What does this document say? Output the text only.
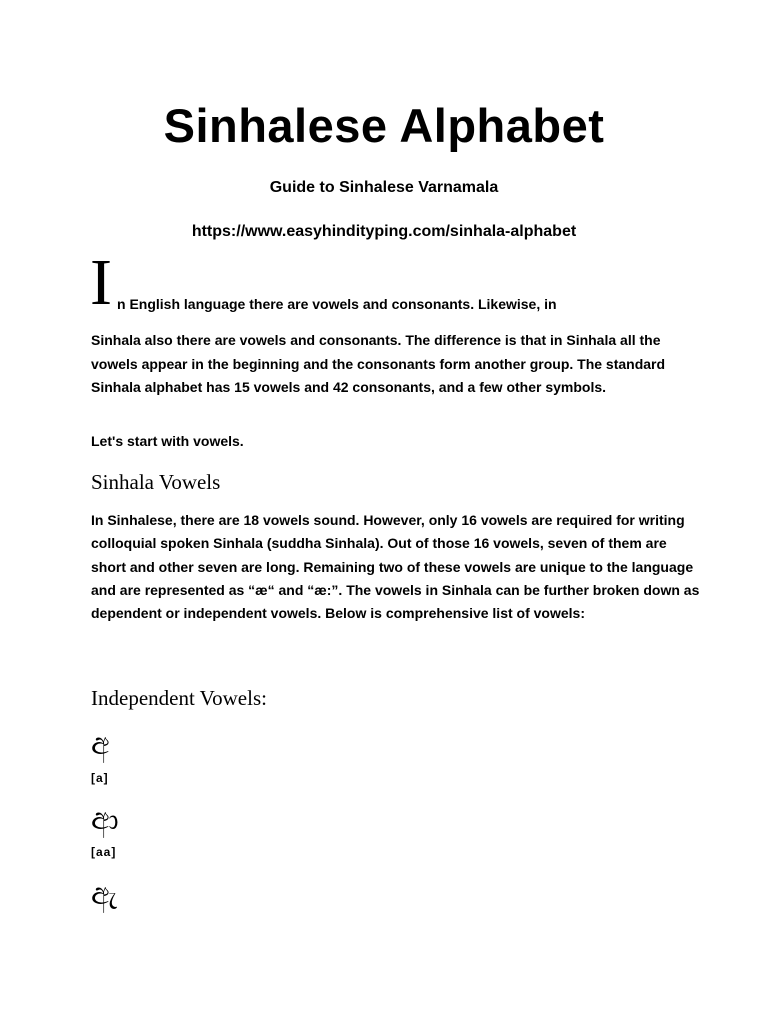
Sinhalese Alphabet

Guide to Sinhalese Varnamala

https://www.easyhindityping.com/sinhala-alphabet

I n English language there are vowels and consonants. Likewise, in

Sinhala also there are vowels and consonants. The difference is that in Sinhala all the vowels appear in the beginning and the consonants form another group. The standard Sinhala alphabet has 15 vowels and 42 consonants, and a few other symbols.

Let's start with vowels.

Sinhala Vowels

In Sinhalese, there are 18 vowels sound. However, only 16 vowels are required for writing colloquial spoken Sinhala (suddha Sinhala). Out of those 16 vowels, seven of them are short and other seven are long. Remaining two of these vowels are unique to the language and are represented as “æ“ and “æ:”. The vowels in Sinhala can be further broken down as dependent or independent vowels. Below is comprehensive list of vowels:

Independent Vowels:
අ
[a]
ආ
[aa]
ඇ
